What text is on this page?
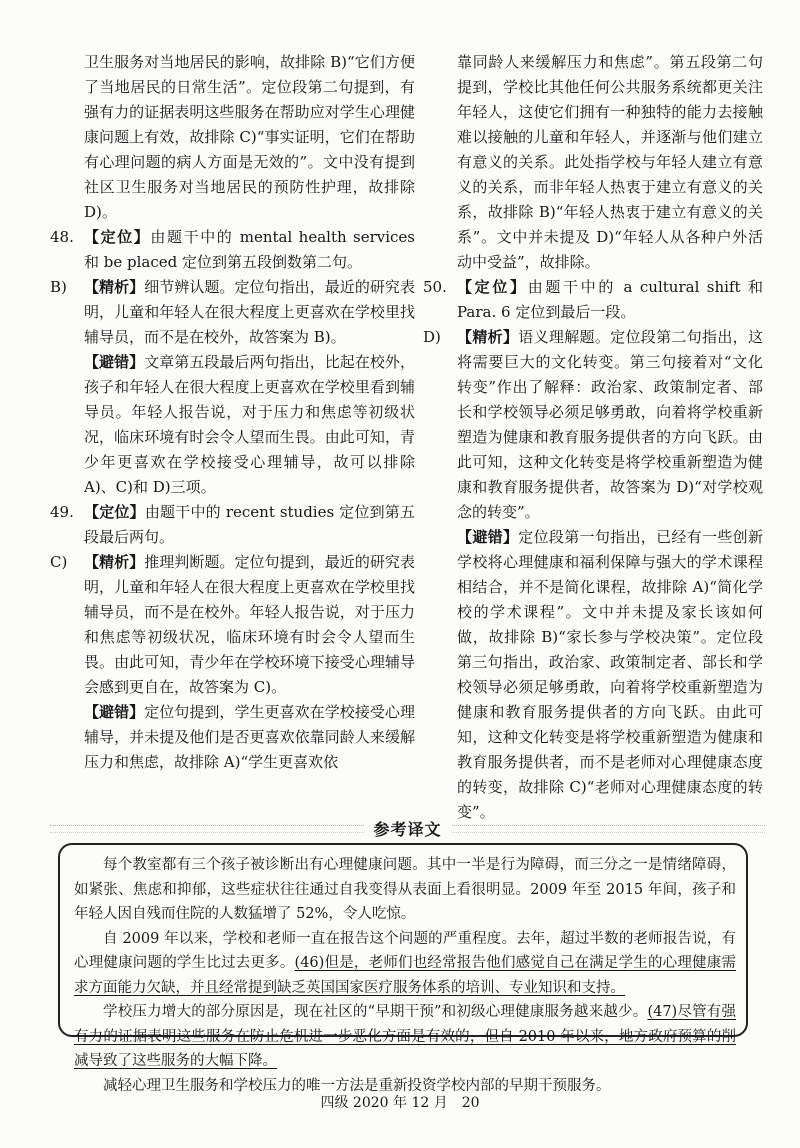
卫生服务对当地居民的影响，故排除 B)“它们方便了当地居民的日常生活”。定位段第二句提到，有强有力的证据表明这些服务在帮助应对学生心理健康问题上有效，故排除 C)“事实证明，它们在帮助有心理问题的病人方面是无效的”。文中没有提到社区卫生服务对当地居民的预防性护理，故排除 D)。

48. 【定位】由题干中的 mental health services 和 be placed 定位到第五段倒数第二句。

B) 【精析】细节辨认题。定位句指出，最近的研究表明，儿童和年轻人在很大程度上更喜欢在学校里找辅导员，而不是在校外，故答案为 B)。

【避错】文章第五段最后两句指出，比起在校外，孩子和年轻人在很大程度上更喜欢在学校里看到辅导员。年轻人报告说，对于压力和焦虑等初级状况，临床环境有时会令人望而生畏。由此可知，青少年更喜欢在学校接受心理辅导，故可以排除 A)、C)和 D)三项。

49. 【定位】由题干中的 recent studies 定位到第五段最后两句。

C) 【精析】推理判断题。定位句提到，最近的研究表明，儿童和年轻人在很大程度上更喜欢在学校里找辅导员，而不是在校外。年轻人报告说，对于压力和焦虑等初级状况，临床环境有时会令人望而生畏。由此可知，青少年在学校环境下接受心理辅导会感到更自在，故答案为 C)。

【避错】定位句提到，学生更喜欢在学校接受心理辅导，并未提及他们是否更喜欢依靠同龄人来缓解压力和焦虑，故排除 A)“学生更喜欢依

靠同龄人来缓解压力和焦虑”。第五段第二句提到，学校比其他任何公共服务系统都更关注年轻人，这使它们拥有一种独特的能力去接触难以接触的儿童和年轻人，并逐渐与他们建立有意义的关系。此处指学校与年轻人建立有意义的关系，而非年轻人热衷于建立有意义的关系，故排除 B)“年轻人热衷于建立有意义的关系”。文中并未提及 D)“年轻人从各种户外活动中受益”，故排除。

50. 【定位】由题干中的 a cultural shift 和 Para. 6 定位到最后一段。

D) 【精析】语义理解题。定位段第二句指出，这将需要巨大的文化转变。第三句接着对“文化转变”作出了解释：政治家、政策制定者、部长和学校领导必须足够勇敢，向着将学校重新塑造为健康和教育服务提供者的方向飞跃。由此可知，这种文化转变是将学校重新塑造为健康和教育服务提供者，故答案为 D)“对学校观念的转变”。

【避错】定位段第一句指出，已经有一些创新学校将心理健康和福利保障与强大的学术课程相结合，并不是简化课程，故排除 A)“简化学校的学术课程”。文中并未提及家长该如何做，故排除 B)“家长参与学校决策”。定位段第三句指出，政治家、政策制定者、部长和学校领导必须足够勇敢，向着将学校重新塑造为健康和教育服务提供者的方向飞跃。由此可知，这种文化转变是将学校重新塑造为健康和教育服务提供者，而不是老师对心理健康态度的转变，故排除 C)“老师对心理健康态度的转变”。

参考译文

每个教室都有三个孩子被诊断出有心理健康问题。其中一半是行为障碍，而三分之一是情绪障碍，如紧张、焦虑和抑郁，这些症状往往通过自我变得从表面上看很明显。2009 年至 2015 年间，孩子和年轻人因自残而住院的人数猛增了 52%，令人吃惊。

自 2009 年以来，学校和老师一直在报告这个问题的严重程度。去年，超过半数的老师报告说，有心理健康问题的学生比过去更多。(46)但是，老师们也经常报告他们感觉自己在满足学生的心理健康需求方面能力欠缺，并且经常提到缺乏英国国家医疗服务体系的培训、专业知识和支持。

学校压力增大的部分原因是，现在社区的“早期干预”和初级心理健康服务越来越少。(47)尽管有强有力的证据表明这些服务在防止危机进一步恶化方面是有效的，但自 2010 年以来，地方政府预算的削减导致了这些服务的大幅下降。

减轻心理卫生服务和学校压力的唯一方法是重新投资学校内部的早期干预服务。

四级 2020 年 12 月　20
